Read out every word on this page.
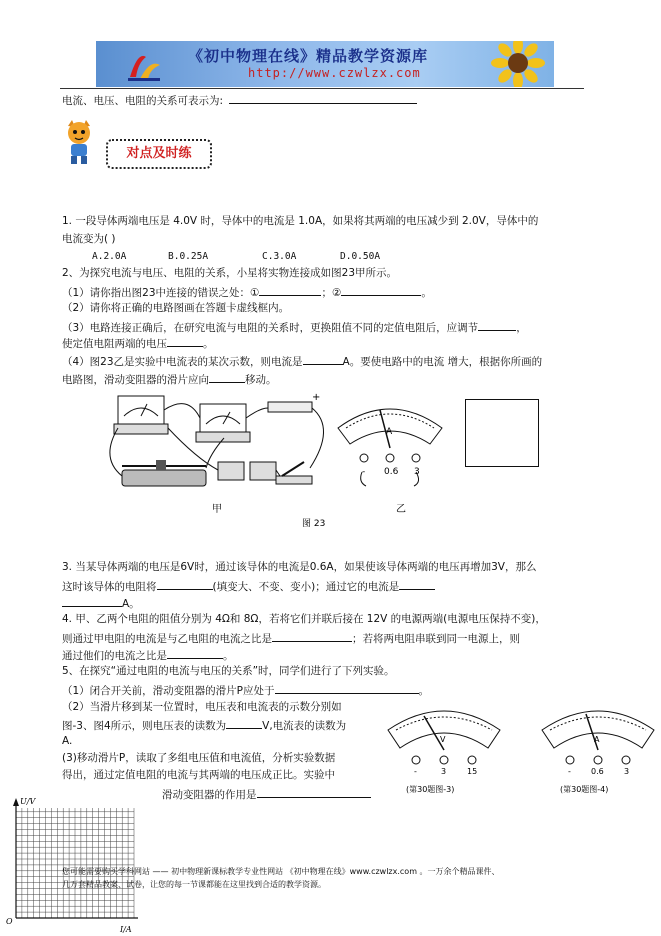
《初中物理在线》精品教学资源库
http://www.czwlzx.com
电流、电压、电阻的关系可表示为:
对点及时练
1. 一段导体两端电压是 4.0V 时，导体中的电流是 1.0A，如果将其两端的电压减少到 2.0V，导体中的
电流变为( )
A.2.0A	B.0.25A	C.3.0A	D.0.50A
2、为探究电流与电压、电阻的关系，小星将实物连接成如图23甲所示。
（1）请你指出图23中连接的错误之处：①	；②	。
（2）请你将正确的电路图画在答题卡虚线框内。
（3）电路连接正确后，在研究电流与电阻的关系时，更换阻值不同的定值电阻后，应调节	，
使定值电阻两端的电压	。
（4）图23乙是实验中电流表的某次示数，则电流是	A。要使电路中的电流 增大，根据你所画的
电路图，滑动变阻器的滑片应向	移动。
+
A
- 0.6 3
甲	乙
图 23
3. 当某导体两端的电压是6V时，通过该导体的电流是0.6A，如果使该导体两端的电压再增加3V，那么
这时该导体的电阻将	(填变大、不变、变小)；通过它的电流是
A。
4. 甲、乙两个电阻的阻值分别为 4Ω和 8Ω，若将它们并联后接在 12V 的电源两端(电源电压保持不变)，
则通过甲电阻的电流是与乙电阻的电流之比是	；若将两电阻串联到同一电源上，则
通过他们的电流之比是	。
5、在探究“通过电阻的电流与电压的关系”时，同学们进行了下列实验。
（1）闭合开关前，滑动变阻器的滑片P应处于	。
（2）当滑片移到某一位置时，电压表和电流表的示数分别如
图-3、图4所示，则电压表的读数为	V,电流表的读数为
A.
(3)移动滑片P，读取了多组电压值和电流值，分析实验数据
得出，通过定值电阻的电流与其两端的电压成正比。实验中
滑动变阻器的作用是
V
-	3	15
(第30题图-3)
A
-	0.6	3
(第30题图-4)
U/V
I/A
O
您可能需要购买学科网站 —— 初中物理新课标教学专业性网站 《初中物理在线》www.czwlzx.com 。一万余个精品课件、
几万套精品教案、试卷，让您的每一节课都能在这里找到合适的教学资源。
